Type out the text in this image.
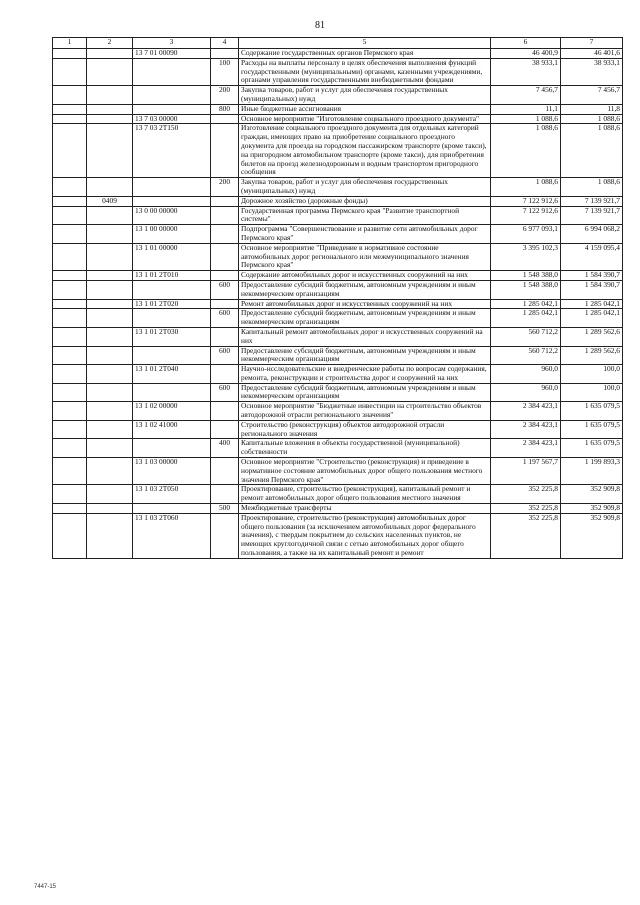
81
1	2	3	4	5	6	7
		13 7 01 00090		Содержание государственных органов Пермского края	46 400,9	46 401,6
			100	Расходы на выплаты персоналу в целях обеспечения выполнения функций государственными (муниципальными) органами, казенными учреждениями, органами управления государственными внебюджетными фондами	38 933,1	38 933,1
			200	Закупка товаров, работ и услуг для обеспечения государственных (муниципальных) нужд	7 456,7	7 456,7
			800	Иные бюджетные ассигнования	11,1	11,8
		13 7 03 00000		Основное мероприятие "Изготовление социального проездного документа"	1 088,6	1 088,6
		13 7 03 2Т150		Изготовление социального проездного документа для отдельных категорий граждан, имеющих право на приобретение социального проездного документа для проезда на городском пассажирском транспорте (кроме такси), на пригородном автомобильном транспорте (кроме такси), для приобретения билетов на проезд железнодорожным и водным транспортом пригородного сообщения	1 088,6	1 088,6
			200	Закупка товаров, работ и услуг для обеспечения государственных (муниципальных) нужд	1 088,6	1 088,6
	0409			Дорожное хозяйство (дорожные фонды)	7 122 912,6	7 139 921,7
		13 0 00 00000		Государственная программа Пермского края "Развитие транспортной системы"	7 122 912,6	7 139 921,7
		13 1 00 00000		Подпрограмма "Совершенствование и развитие сети автомобильных дорог Пермского края"	6 977 093,1	6 994 068,2
		13 1 01 00000		Основное мероприятие "Приведение в нормативное состояние автомобильных дорог регионального или межмуниципального значения Пермского края"	3 395 102,3	4 159 095,4
		13 1 01 2Т010		Содержание автомобильных дорог и искусственных сооружений на них	1 548 388,0	1 584 390,7
			600	Предоставление субсидий бюджетным, автономным учреждениям и иным некоммерческим организациям	1 548 388,0	1 584 390,7
		13 1 01 2Т020		Ремонт автомобильных дорог и искусственных сооружений на них	1 285 042,1	1 285 042,1
			600	Предоставление субсидий бюджетным, автономным учреждениям и иным некоммерческим организациям	1 285 042,1	1 285 042,1
		13 1 01 2Т030		Капитальный ремонт автомобильных дорог и искусственных сооружений на них	560 712,2	1 289 562,6
			600	Предоставление субсидий бюджетным, автономным учреждениям и иным некоммерческим организациям	560 712,2	1 289 562,6
		13 1 01 2Т040		Научно-исследовательские и внедренческие работы по вопросам содержания, ремонта, реконструкции и строительства дорог и сооружений на них	960,0	100,0
			600	Предоставление субсидий бюджетным, автономным учреждениям и иным некоммерческим организациям	960,0	100,0
		13 1 02 00000		Основное мероприятие "Бюджетные инвестиции на строительство объектов автодорожной отрасли регионального значения"	2 384 423,1	1 635 079,5
		13 1 02 41000		Строительство (реконструкция) объектов автодорожной отрасли регионального значения	2 384 423,1	1 635 079,5
			400	Капитальные вложения в объекты государственной (муниципальной) собственности	2 384 423,1	1 635 079,5
		13 1 03 00000		Основное мероприятие "Строительство (реконструкция) и приведение в нормативное состояние автомобильных дорог общего пользования местного значения Пермского края"	1 197 567,7	1 199 893,3
		13 1 03 2Т050		Проектирование, строительство (реконструкция), капитальный ремонт и ремонт автомобильных дорог общего пользования местного значения	352 225,8	352 909,8
			500	Межбюджетные трансферты	352 225,8	352 909,8
		13 1 03 2Т060		Проектирование, строительство (реконструкция) автомобильных дорог общего пользования (за исключением автомобильных дорог федерального значения), с твердым покрытием до сельских населенных пунктов, не имеющих круглогодичной связи с сетью автомобильных дорог общего пользования, а также на их капитальный ремонт и ремонт	352 225,8	352 909,8
7447-15
